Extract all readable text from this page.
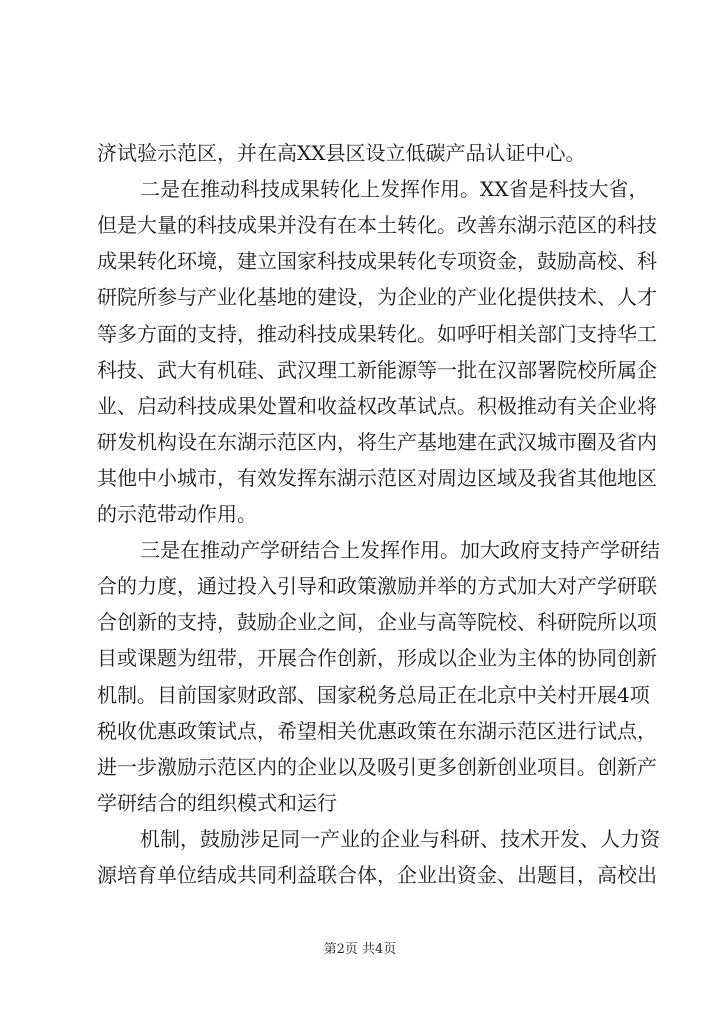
济试验示范区，并在高XX县区设立低碳产品认证中心。
二是在推动科技成果转化上发挥作用。XX省是科技大省，
但是大量的科技成果并没有在本土转化。改善东湖示范区的科技
成果转化环境，建立国家科技成果转化专项资金，鼓励高校、科
研院所参与产业化基地的建设，为企业的产业化提供技术、人才
等多方面的支持，推动科技成果转化。如呼吁相关部门支持华工
科技、武大有机硅、武汉理工新能源等一批在汉部署院校所属企
业、启动科技成果处置和收益权改革试点。积极推动有关企业将
研发机构设在东湖示范区内，将生产基地建在武汉城市圈及省内
其他中小城市，有效发挥东湖示范区对周边区域及我省其他地区
的示范带动作用。
三是在推动产学研结合上发挥作用。加大政府支持产学研结
合的力度，通过投入引导和政策激励并举的方式加大对产学研联
合创新的支持，鼓励企业之间，企业与高等院校、科研院所以项
目或课题为纽带，开展合作创新，形成以企业为主体的协同创新
机制。目前国家财政部、国家税务总局正在北京中关村开展4项
税收优惠政策试点，希望相关优惠政策在东湖示范区进行试点，
进一步激励示范区内的企业以及吸引更多创新创业项目。创新产
学研结合的组织模式和运行
机制，鼓励涉足同一产业的企业与科研、技术开发、人力资
源培育单位结成共同利益联合体，企业出资金、出题目，高校出
第2页 共4页
